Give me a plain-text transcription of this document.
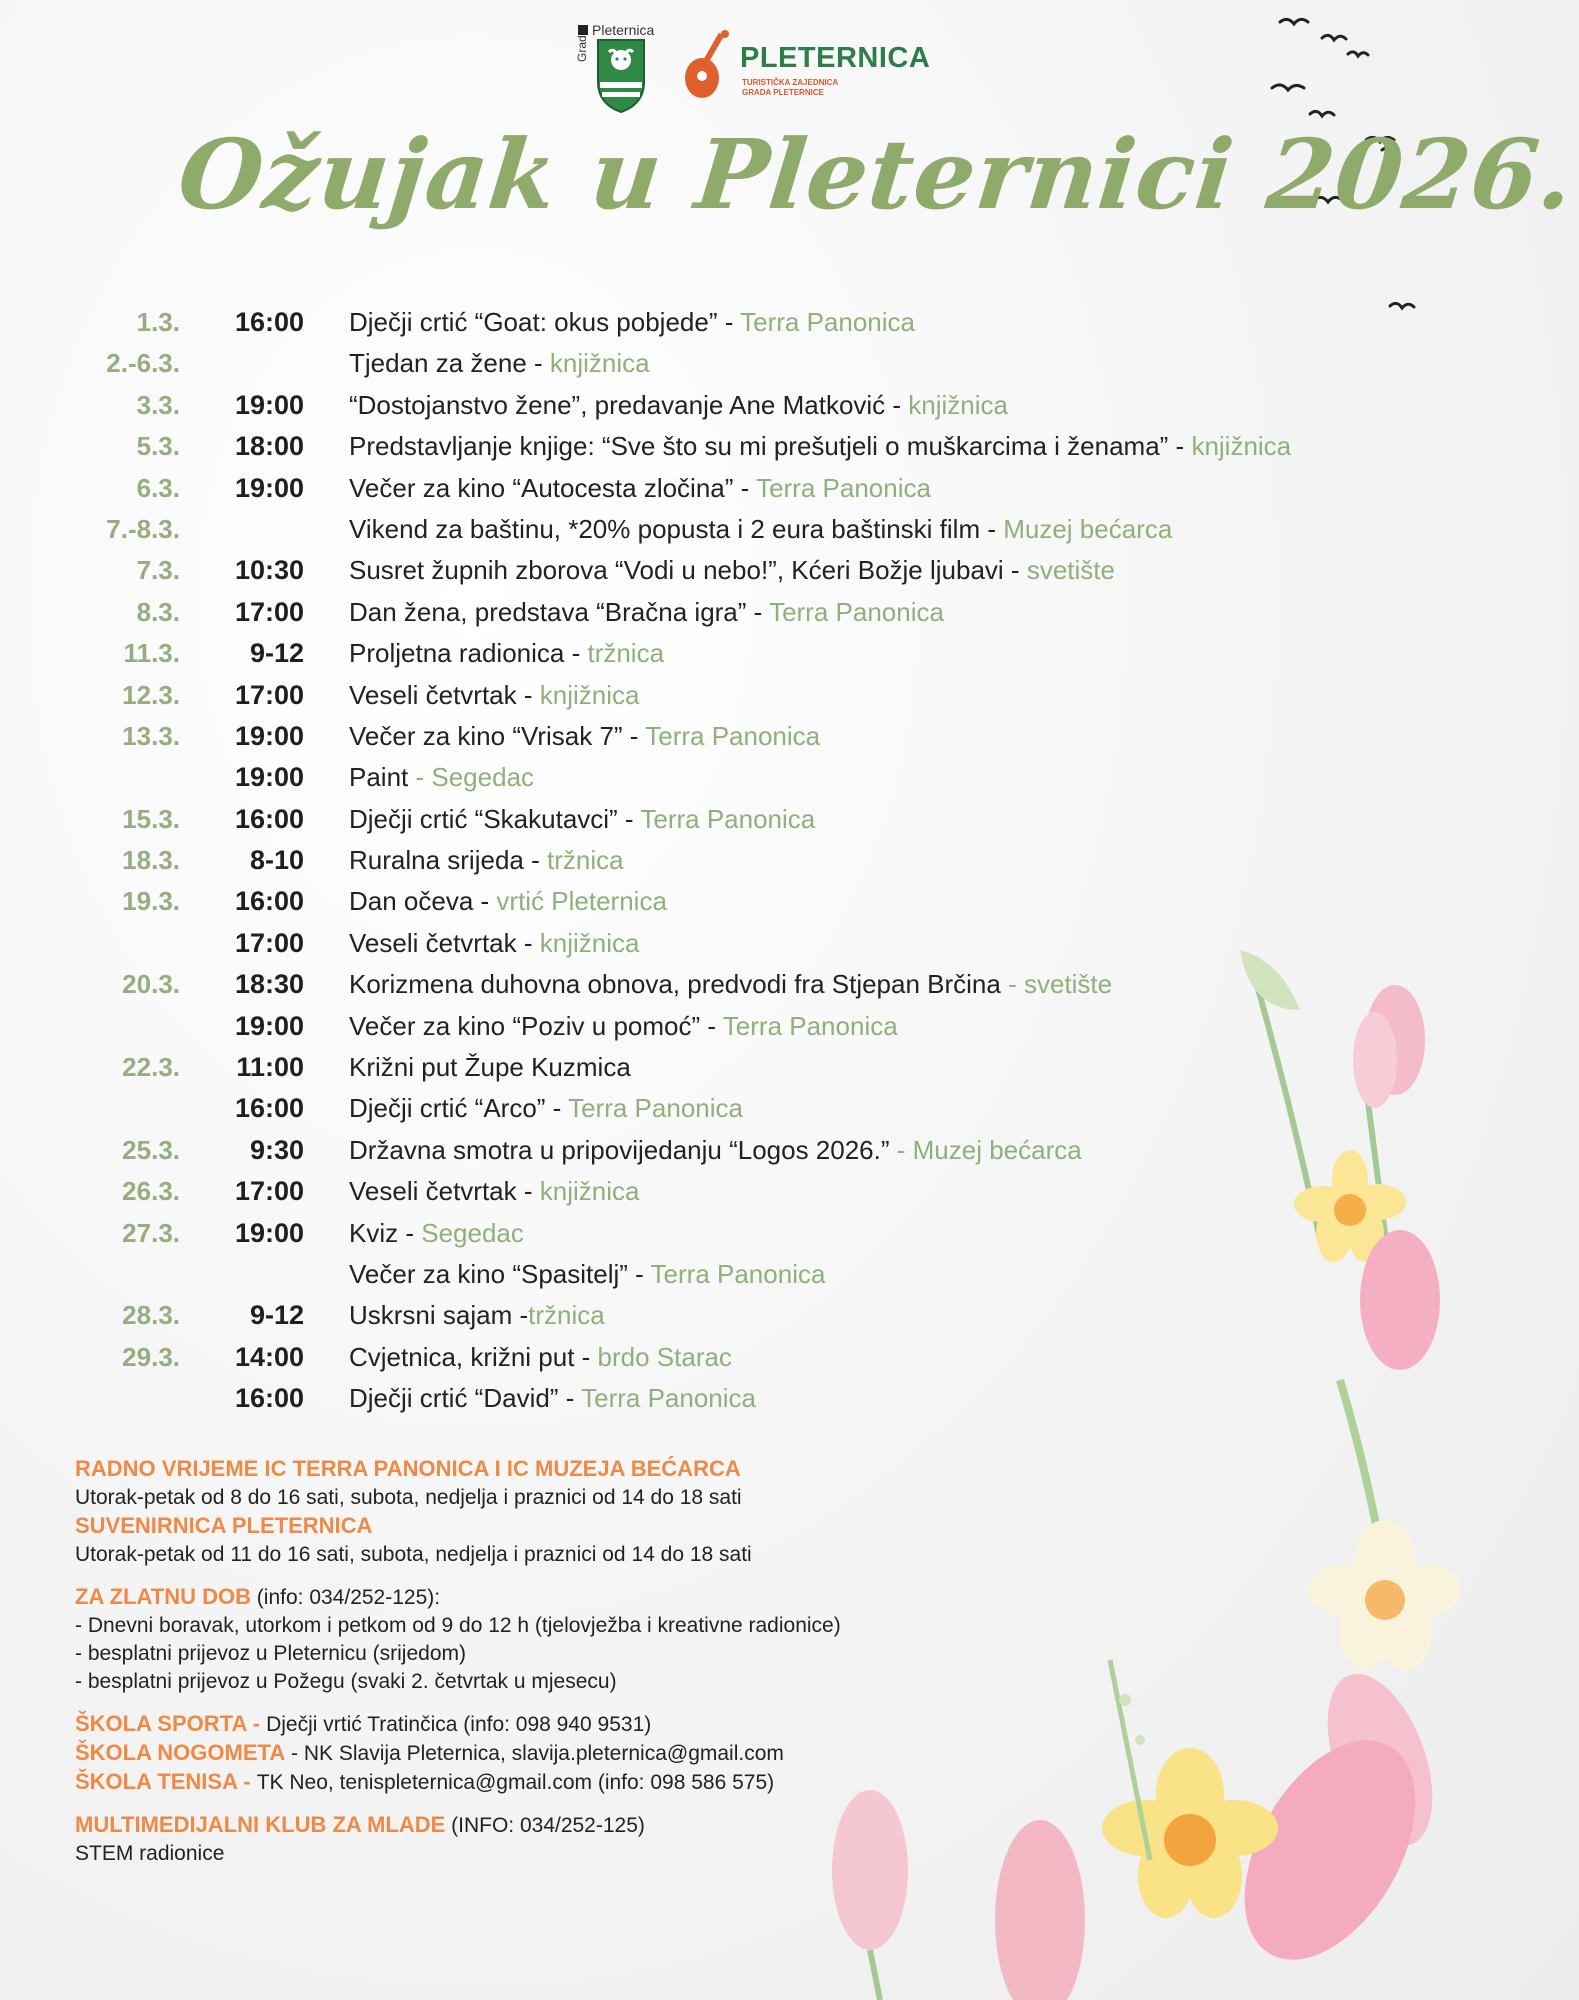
Pleternica
Grad	PLETERNICA
TURISTIČKA ZAJEDNICA
GRADA PLETERNICE
Ožujak u Pleternici 2026.
1.3.	16:00 Dječji crtić “Goat: okus pobjede” - Terra Panonica
2.-6.3.	Tjedan za žene - knjižnica
3.3.	19:00 “Dostojanstvo žene”, predavanje Ane Matković - knjižnica
5.3.	18:00 Predstavljanje knjige: “Sve što su mi prešutjeli o muškarcima i ženama” - knjižnica
6.3.	19:00 Večer za kino “Autocesta zločina” - Terra Panonica
7.-8.3.	Vikend za baštinu, *20% popusta i 2 eura baštinski film - Muzej bećarca
7.3.	10:30 Susret župnih zborova “Vodi u nebo!”, Kćeri Božje ljubavi - svetište
8.3.	17:00 Dan žena, predstava “Bračna igra” - Terra Panonica
11.3.	9-12 Proljetna radionica - tržnica
12.3.	17:00 Veseli četvrtak - knjižnica
13.3.	19:00 Večer za kino “Vrisak 7” - Terra Panonica
19:00 Paint - Segedac
15.3.	16:00 Dječji crtić “Skakutavci” - Terra Panonica
18.3.	8-10 Ruralna srijeda - tržnica
19.3.	16:00 Dan očeva - vrtić Pleternica
17:00 Veseli četvrtak - knjižnica
20.3.	18:30 Korizmena duhovna obnova, predvodi fra Stjepan Brčina - svetište
19:00 Večer za kino “Poziv u pomoć” - Terra Panonica
22.3.	11:00 Križni put Župe Kuzmica
16:00 Dječji crtić “Arco” - Terra Panonica
25.3.	9:30 Državna smotra u pripovijedanju “Logos 2026.” - Muzej bećarca
26.3.	17:00 Veseli četvrtak - knjižnica
27.3.	19:00 Kviz - Segedac
Večer za kino “Spasitelj” - Terra Panonica
28.3.	9-12 Uskrsni sajam -tržnica
29.3.	14:00 Cvjetnica, križni put - brdo Starac
16:00 Dječji crtić “David” - Terra Panonica

RADNO VRIJEME IC TERRA PANONICA I IC MUZEJA BEĆARCA

Utorak-petak od 8 do 16 sati, subota, nedjelja i praznici od 14 do 18 sati

SUVENIRNICA PLETERNICA

Utorak-petak od 11 do 16 sati, subota, nedjelja i praznici od 14 do 18 sati

ZA ZLATNU DOB (info: 034/252-125):

- Dnevni boravak, utorkom i petkom od 9 do 12 h (tjelovježba i kreativne radionice)

- besplatni prijevoz u Pleternicu (srijedom)

- besplatni prijevoz u Požegu (svaki 2. četvrtak u mjesecu)

ŠKOLA SPORTA - Dječji vrtić Tratinčica (info: 098 940 9531)

ŠKOLA NOGOMETA - NK Slavija Pleternica, slavija.pleternica@gmail.com

ŠKOLA TENISA - TK Neo, tenispleternica@gmail.com (info: 098 586 575)

MULTIMEDIJALNI KLUB ZA MLADE (INFO: 034/252-125)

STEM radionice
